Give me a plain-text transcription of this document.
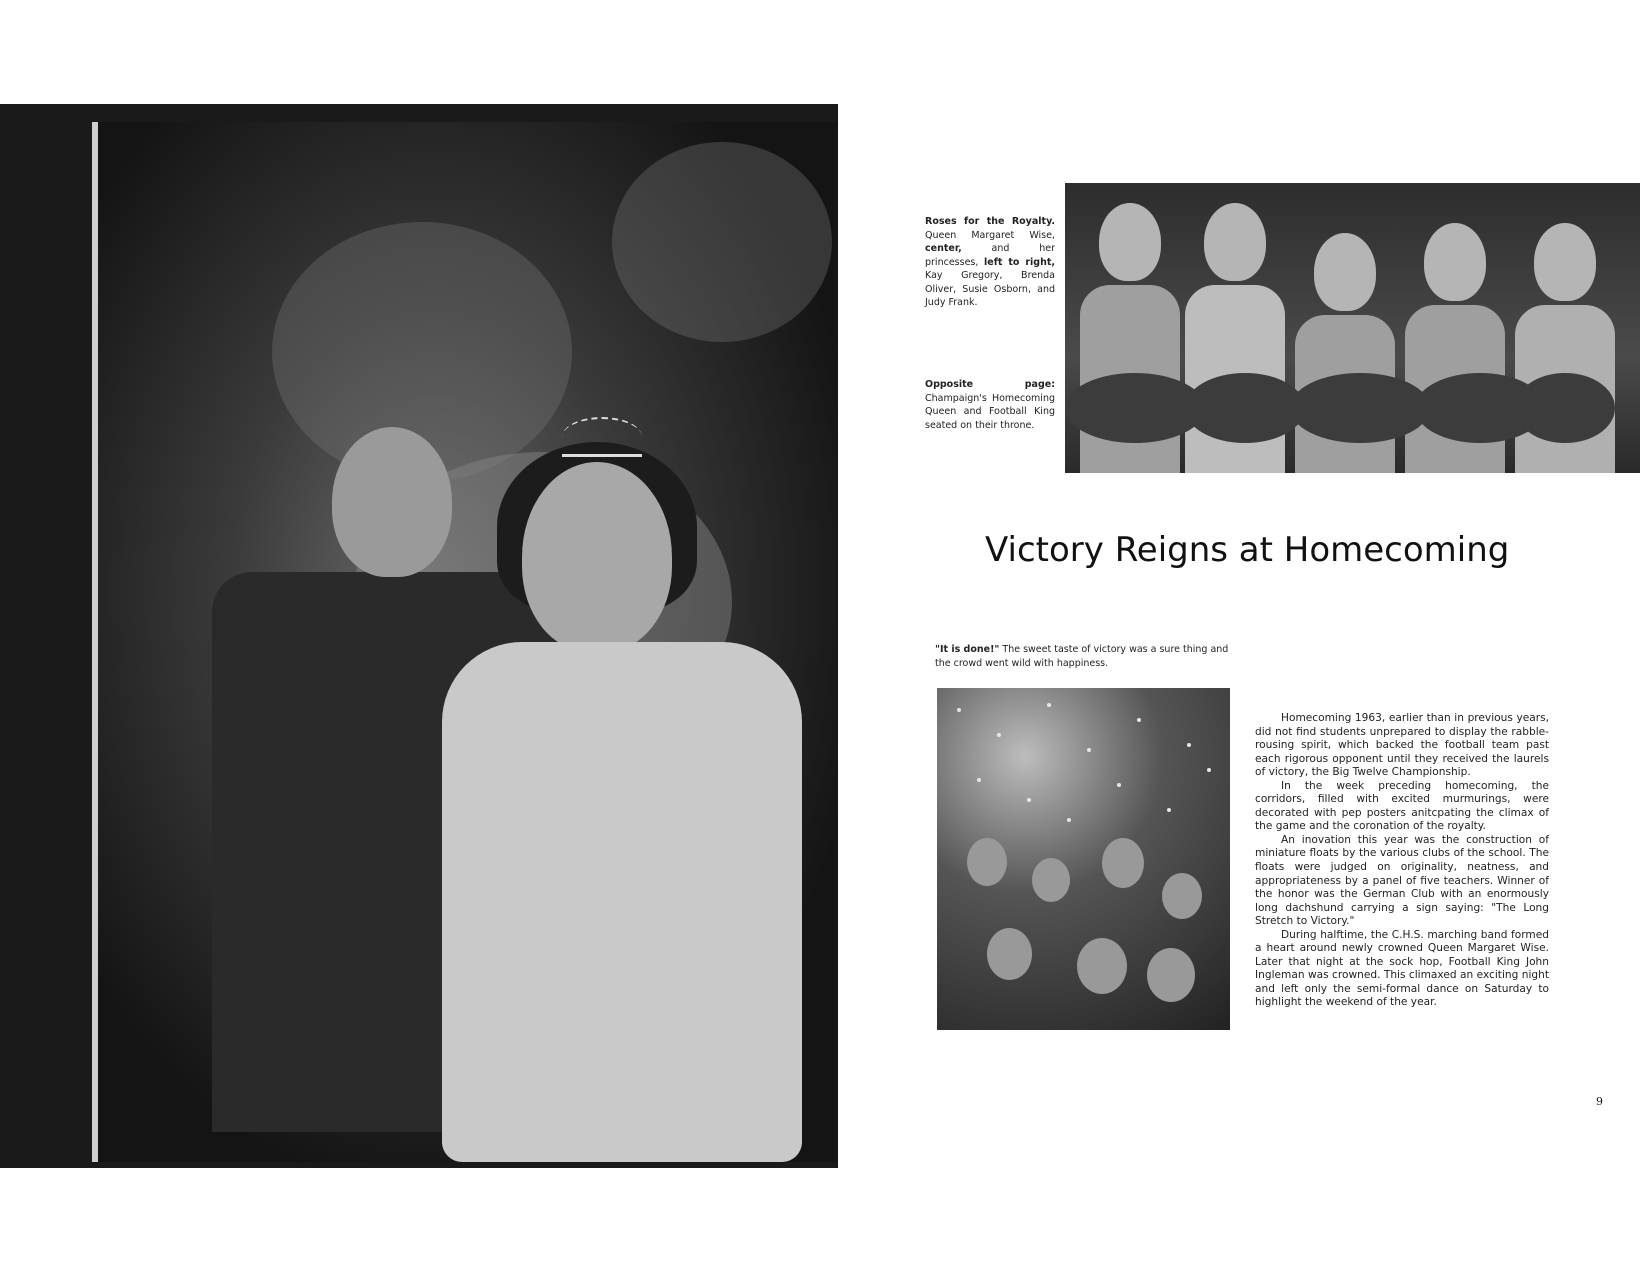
Roses for the Royalty. Queen Margaret Wise, center, and her princesses, left to right, Kay Gregory, Brenda Oliver, Susie Osborn, and Judy Frank.
Opposite page: Champaign's Homecoming Queen and Football King seated on their throne.
Victory Reigns at Homecoming
"It is done!" The sweet taste of victory was a sure thing and the crowd went wild with happiness.

Homecoming 1963, earlier than in previous years, did not find students unprepared to display the rabble-rousing spirit, which backed the football team past each rigorous opponent until they received the laurels of victory, the Big Twelve Championship.

In the week preceding homecoming, the corridors, filled with excited murmurings, were decorated with pep posters anitcpating the climax of the game and the coronation of the royalty.

An inovation this year was the construction of miniature floats by the various clubs of the school. The floats were judged on originality, neatness, and appropriateness by a panel of five teachers. Winner of the honor was the German Club with an enormously long dachshund carrying a sign saying: "The Long Stretch to Victory."

During halftime, the C.H.S. marching band formed a heart around newly crowned Queen Margaret Wise. Later that night at the sock hop, Football King John Ingleman was crowned. This climaxed an exciting night and left only the semi-formal dance on Saturday to highlight the weekend of the year.

9
